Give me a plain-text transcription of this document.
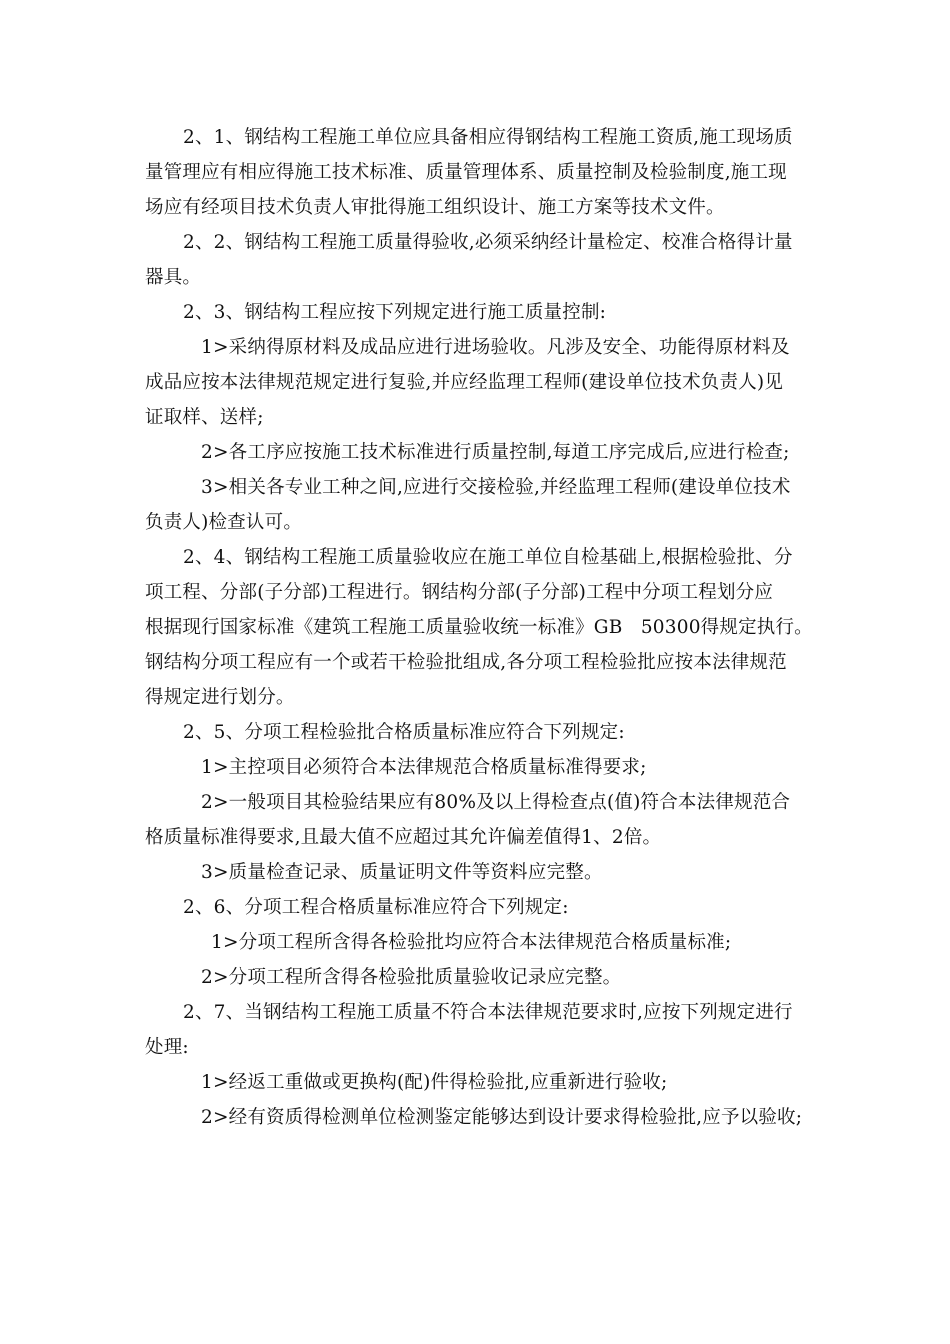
2、1、钢结构工程施工单位应具备相应得钢结构工程施工资质,施工现场质
量管理应有相应得施工技术标准、质量管理体系、质量控制及检验制度,施工现
场应有经项目技术负责人审批得施工组织设计、施工方案等技术文件。
2、2、钢结构工程施工质量得验收,必须采纳经计量检定、校准合格得计量
器具。
2、3、钢结构工程应按下列规定进行施工质量控制:
1>采纳得原材料及成品应进行进场验收。凡涉及安全、功能得原材料及
成品应按本法律规范规定进行复验,并应经监理工程师(建设单位技术负责人)见
证取样、送样;
2>各工序应按施工技术标准进行质量控制,每道工序完成后,应进行检查;
3>相关各专业工种之间,应进行交接检验,并经监理工程师(建设单位技术
负责人)检查认可。
2、4、钢结构工程施工质量验收应在施工单位自检基础上,根据检验批、分
项工程、分部(子分部)工程进行。钢结构分部(子分部)工程中分项工程划分应
根据现行国家标准《建筑工程施工质量验收统一标准》GB   50300得规定执行。
钢结构分项工程应有一个或若干检验批组成,各分项工程检验批应按本法律规范
得规定进行划分。
2、5、分项工程检验批合格质量标准应符合下列规定:
1>主控项目必须符合本法律规范合格质量标准得要求;
2>一般项目其检验结果应有80%及以上得检查点(值)符合本法律规范合
格质量标准得要求,且最大值不应超过其允许偏差值得1、2倍。
3>质量检查记录、质量证明文件等资料应完整。
2、6、分项工程合格质量标准应符合下列规定:
1>分项工程所含得各检验批均应符合本法律规范合格质量标准;
2>分项工程所含得各检验批质量验收记录应完整。
2、7、当钢结构工程施工质量不符合本法律规范要求时,应按下列规定进行
处理:
1>经返工重做或更换构(配)件得检验批,应重新进行验收;
2>经有资质得检测单位检测鉴定能够达到设计要求得检验批,应予以验收;
